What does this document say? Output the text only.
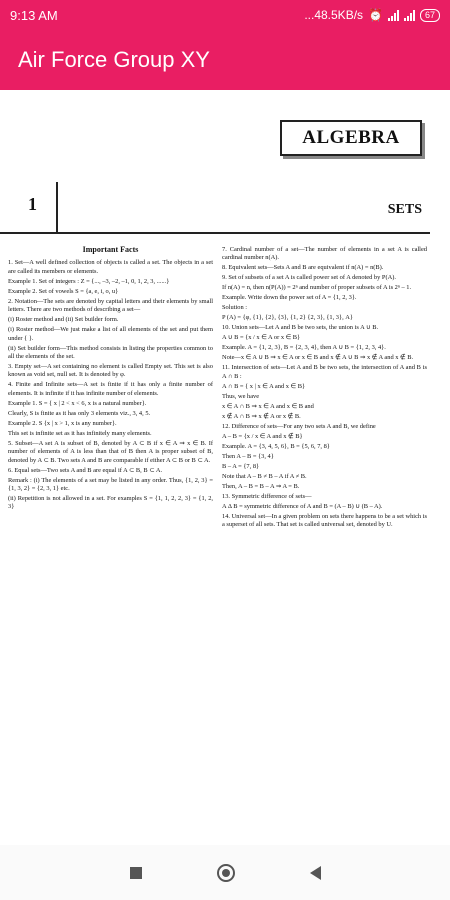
9:13 AM	...48.5KB/s ⏰	67
Air Force Group XY
ALGEBRA
1	SETS

Important Facts

1. Set—A well defined collection of objects is called a set. The objects in a set are called its members or elements.

Example 1. Set of integers : Z = {..., –3, –2, –1, 0, 1, 2, 3, ......}

Example 2. Set of vowels S = {a, e, i, o, u}

2. Notation—The sets are denoted by capital letters and their elements by small letters. There are two methods of describing a set—

(i) Roster method and (ii) Set builder form.

(i) Roster method—We just make a list of all elements of the set and put them under { }.

(ii) Set builder form—This method consists in listing the properties common to all the elements of the set.

3. Empty set—A set containing no element is called Empty set. This set is also known as void set, null set. It is denoted by φ.

4. Finite and Infinite sets—A set is finite if it has only a finite number of elements. It is infinite if it has infinite number of elements.

Example 1. S = { x | 2 < x < 6, x is a natural number}.

Clearly, S is finite as it has only 3 elements viz., 3, 4, 5.

Example 2. S {x | x > 1, x is any number}.

This set is infinite set as it has infinitely many elements.

5. Subset—A set A is subset of B, denoted by A ⊂ B if x ∈ A ⇒ x ∈ B. If number of elements of A is less than that of B then A is proper subset of B, denoted by A ⊂ B. Two sets A and B are comparable if either A ⊂ B or B ⊂ A.

6. Equal sets—Two sets A and B are equal if A ⊂ B, B ⊂ A.

Remark : (i) The elements of a set may be listed in any order. Thus, {1, 2, 3} = {1, 3, 2} = {2, 3, 1} etc.

(ii) Repetition is not allowed in a set. For examples S = {1, 1, 2, 2, 3} = {1, 2, 3}

7. Cardinal number of a set—The number of elements in a set A is called cardinal number n(A).

8. Equivalent sets—Sets A and B are equivalent if n(A) = n(B).

9. Set of subsets of a set A is called power set of A denoted by P(A).

If n(A) = n, then n(P(A)) = 2ⁿ and number of proper subsets of A is 2ⁿ – 1.

Example. Write down the power set of A = {1, 2, 3}.

Solution :

P (A) = {φ, {1}, {2}, {3}, {1, 2} {2, 3}, {1, 3}, A}

10. Union sets—Let A and B be two sets, the union is A ∪ B.

A ∪ B = {x / x ∈ A or x ∈ B}

Example. A = {1, 2, 3}, B = {2, 3, 4}, then A ∪ B = {1, 2, 3, 4}.

Note—x ∈ A ∪ B ⇒ x ∈ A or x ∈ B and x ∉ A ∪ B ⇒ x ∉ A and x ∉ B.

11. Intersection of sets—Let A and B be two sets, the intersection of A and B is A ∩ B :

A ∩ B = { x | x ∈ A and x ∈ B}

Thus, we have

x ∈ A ∩ B ⇒ x ∈ A and x ∈ B and

x ∉ A ∩ B ⇒ x ∉ A or x ∉ B.

12. Difference of sets—For any two sets A and B, we define

A – B = {x / x ∈ A and x ∉ B}

Example. A = {3, 4, 5, 6}, B = {5, 6, 7, 8}

Then A – B = {3, 4}

B – A = {7, 8}

Note that A – B ≠ B – A if A ≠ B.

Then, A – B = B – A ⇒ A = B.

13. Symmetric difference of sets—

A Δ B = symmetric difference of A and B = (A – B) ∪ (B – A).

14. Universal set—In a given problem on sets there happens to be a set which is a superset of all sets. That set is called universal set, denoted by U.
